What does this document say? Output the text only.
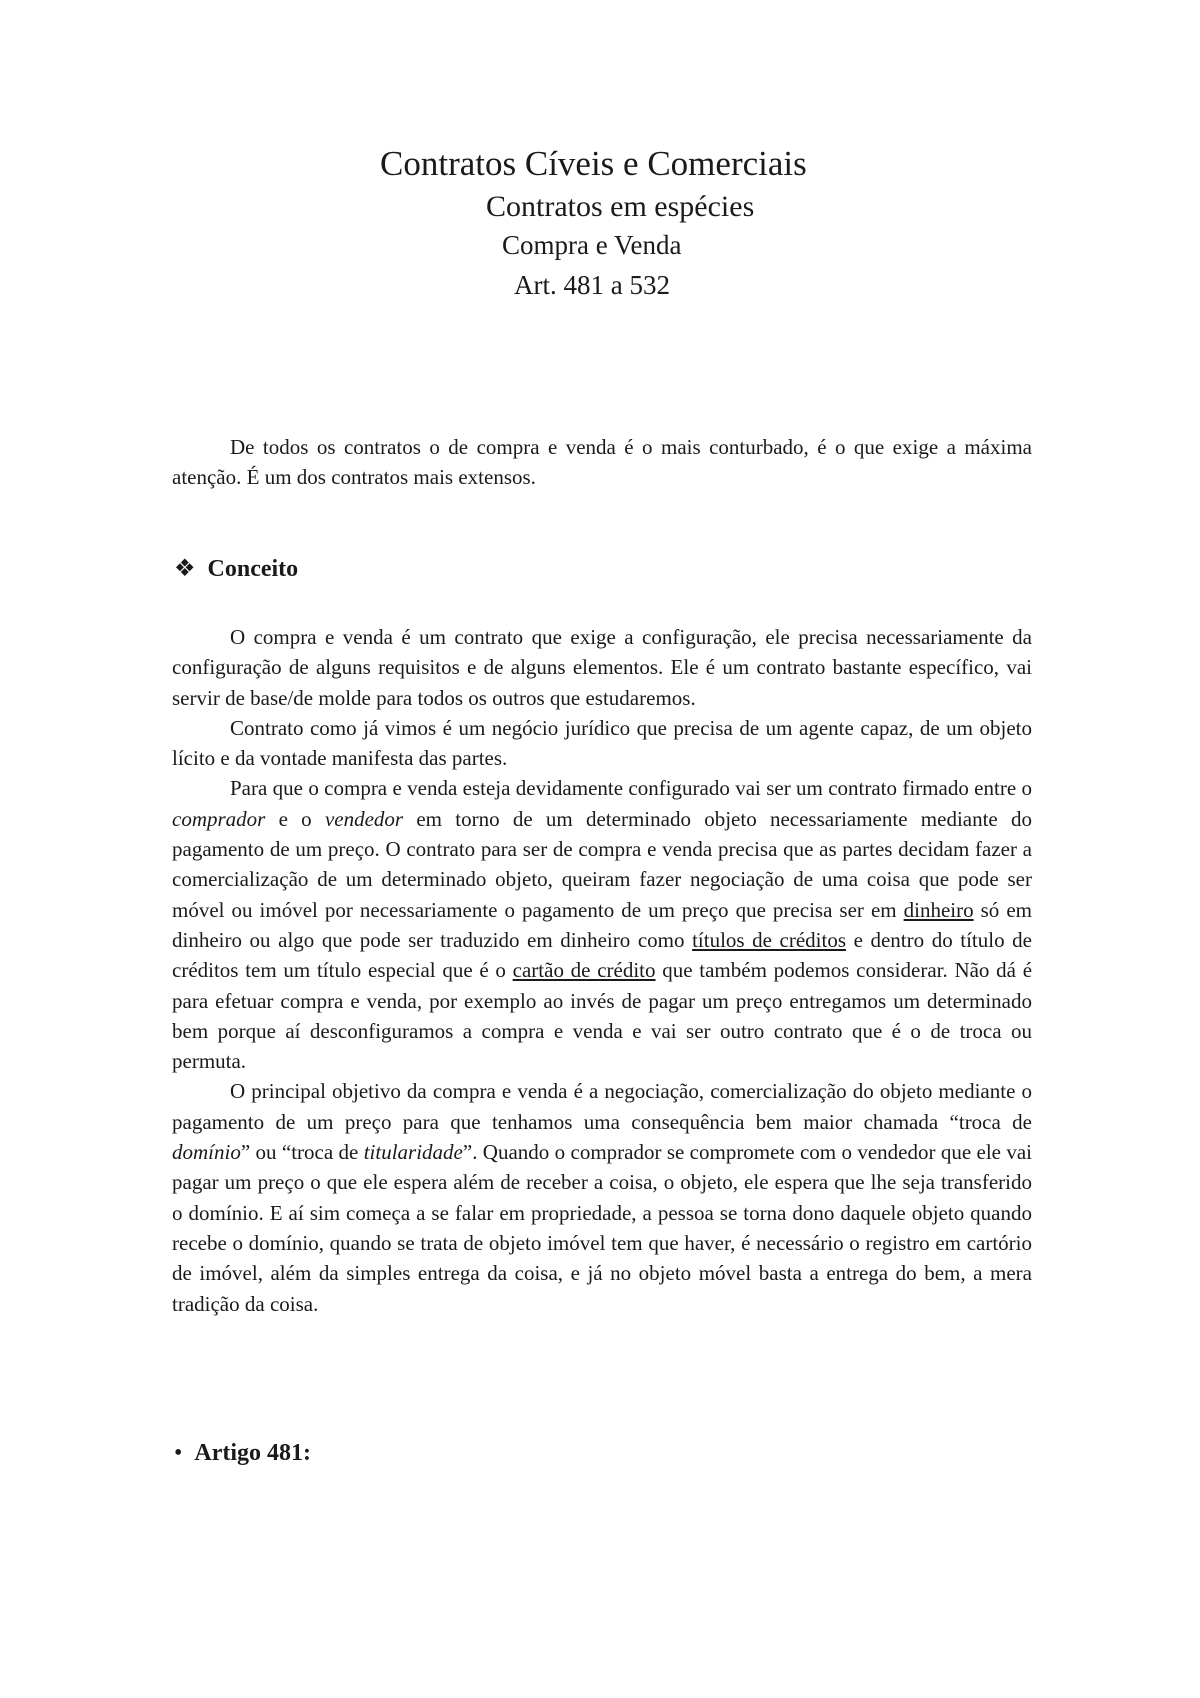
Contratos Cíveis e Comerciais
Contratos em espécies
Compra e Venda
Art. 481 a 532

De todos os contratos o de compra e venda é o mais conturbado, é o que exige a máxima atenção. É um dos contratos mais extensos.

❖ Conceito

O compra e venda é um contrato que exige a configuração, ele precisa necessariamente da configuração de alguns requisitos e de alguns elementos. Ele é um contrato bastante específico, vai servir de base/de molde para todos os outros que estudaremos.

Contrato como já vimos é um negócio jurídico que precisa de um agente capaz, de um objeto lícito e da vontade manifesta das partes.

Para que o compra e venda esteja devidamente configurado vai ser um contrato firmado entre o comprador e o vendedor em torno de um determinado objeto necessariamente mediante do pagamento de um preço. O contrato para ser de compra e venda precisa que as partes decidam fazer a comercialização de um determinado objeto, queiram fazer negociação de uma coisa que pode ser móvel ou imóvel por necessariamente o pagamento de um preço que precisa ser em dinheiro só em dinheiro ou algo que pode ser traduzido em dinheiro como títulos de créditos e dentro do título de créditos tem um título especial que é o cartão de crédito que também podemos considerar. Não dá é para efetuar compra e venda, por exemplo ao invés de pagar um preço entregamos um determinado bem porque aí desconfiguramos a compra e venda e vai ser outro contrato que é o de troca ou permuta.

O principal objetivo da compra e venda é a negociação, comercialização do objeto mediante o pagamento de um preço para que tenhamos uma consequência bem maior chamada “troca de domínio” ou “troca de titularidade”. Quando o comprador se compromete com o vendedor que ele vai pagar um preço o que ele espera além de receber a coisa, o objeto, ele espera que lhe seja transferido o domínio. E aí sim começa a se falar em propriedade, a pessoa se torna dono daquele objeto quando recebe o domínio, quando se trata de objeto imóvel tem que haver, é necessário o registro em cartório de imóvel, além da simples entrega da coisa, e já no objeto móvel basta a entrega do bem, a mera tradição da coisa.

• Artigo 481:
